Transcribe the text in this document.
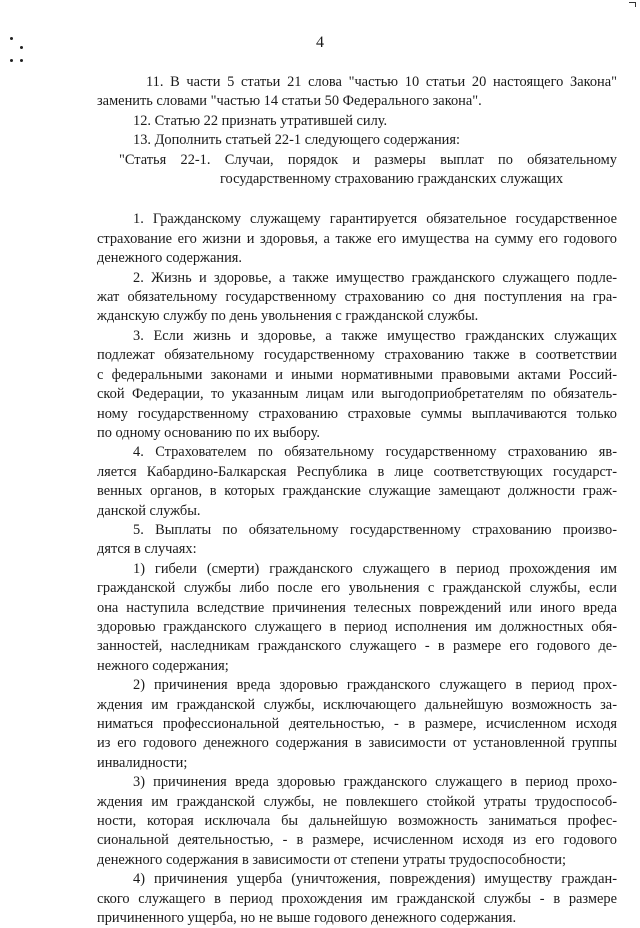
4
11. В части 5 статьи 21 слова "частью 10 статьи 20 настоящего Закона"
заменить словами "частью 14 статьи 50 Федерального закона".
12. Статью 22 признать утратившей силу.
13. Дополнить статьей 22-1 следующего содержания:
"Статья 22-1. Случаи, порядок и размеры выплат по обязательному
государственному страхованию гражданских служащих
1. Гражданскому служащему гарантируется обязательное государственное
страхование его жизни и здоровья, а также его имущества на сумму его годового
денежного содержания.
2. Жизнь и здоровье, а также имущество гражданского служащего подле-
жат обязательному государственному страхованию со дня поступления на гра-
жданскую службу по день увольнения с гражданской службы.
3. Если жизнь и здоровье, а также имущество гражданских служащих
подлежат обязательному государственному страхованию также в соответствии
с федеральными законами и иными нормативными правовыми актами Россий-
ской Федерации, то указанным лицам или выгодоприобретателям по обязатель-
ному государственному страхованию страховые суммы выплачиваются только
по одному основанию по их выбору.
4. Страхователем по обязательному государственному страхованию яв-
ляется Кабардино-Балкарская Республика в лице соответствующих государст-
венных органов, в которых гражданские служащие замещают должности граж-
данской службы.
5. Выплаты по обязательному государственному страхованию произво-
дятся в случаях:
1) гибели (смерти) гражданского служащего в период прохождения им
гражданской службы либо после его увольнения с гражданской службы, если
она наступила вследствие причинения телесных повреждений или иного вреда
здоровью гражданского служащего в период исполнения им должностных обя-
занностей, наследникам гражданского служащего - в размере его годового де-
нежного содержания;
2) причинения вреда здоровью гражданского служащего в период прох-
ждения им гражданской службы, исключающего дальнейшую возможность за-
ниматься профессиональной деятельностью, - в размере, исчисленном исходя
из его годового денежного содержания в зависимости от установленной группы
инвалидности;
3) причинения вреда здоровью гражданского служащего в период прохо-
ждения им гражданской службы, не повлекшего стойкой утраты трудоспособ-
ности, которая исключала бы дальнейшую возможность заниматься профес-
сиональной деятельностью, - в размере, исчисленном исходя из его годового
денежного содержания в зависимости от степени утраты трудоспособности;
4) причинения ущерба (уничтожения, повреждения) имуществу граждан-
ского служащего в период прохождения им гражданской службы - в размере
причиненного ущерба, но не выше годового денежного содержания.
